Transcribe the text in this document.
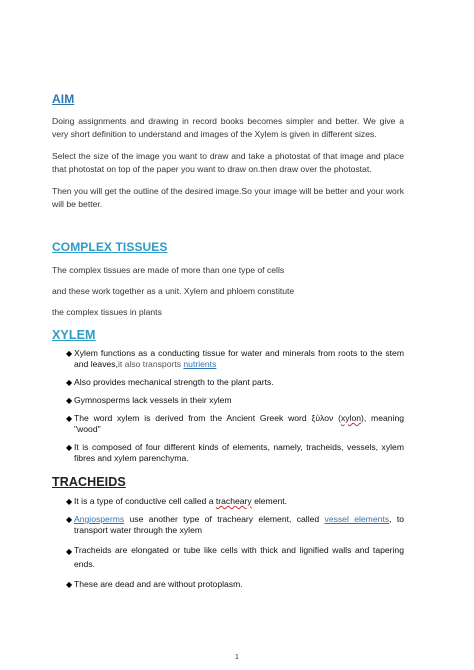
AIM

Doing assignments and drawing in record books becomes simpler and better. We give a very short definition to understand and images of the Xylem is given in different sizes.

Select the size of the image you want to draw and take a photostat of that image and place that photostat on top of the paper you want to draw on.then draw over the photostat.

Then you will get the outline of the desired image.So your image will be better and your work will be better.

COMPLEX TISSUES

The complex tissues are made of more than one type of cells

and these work together as a unit. Xylem and phloem constitute

the complex tissues in plants

XYLEM
◆ Xylem functions as a conducting tissue for water and minerals from roots to the stem and leaves,it also transports nutrients
◆ Also provides mechanical strength to the plant parts.
◆ Gymnosperms lack vessels in their xylem
◆ The word xylem is derived from the Ancient Greek word ξύλον (xylon), meaning "wood"
◆ It is composed of four different kinds of elements, namely, tracheids, vessels, xylem fibres and xylem parenchyma.
TRACHEIDS
◆ It is a type of conductive cell called a tracheary element.
◆ Angiosperms use another type of tracheary element, called vessel elements, to transport water through the xylem
◆ Tracheids are elongated or tube like cells with thick and lignified walls and tapering ends.
◆ These are dead and are without protoplasm.
1
